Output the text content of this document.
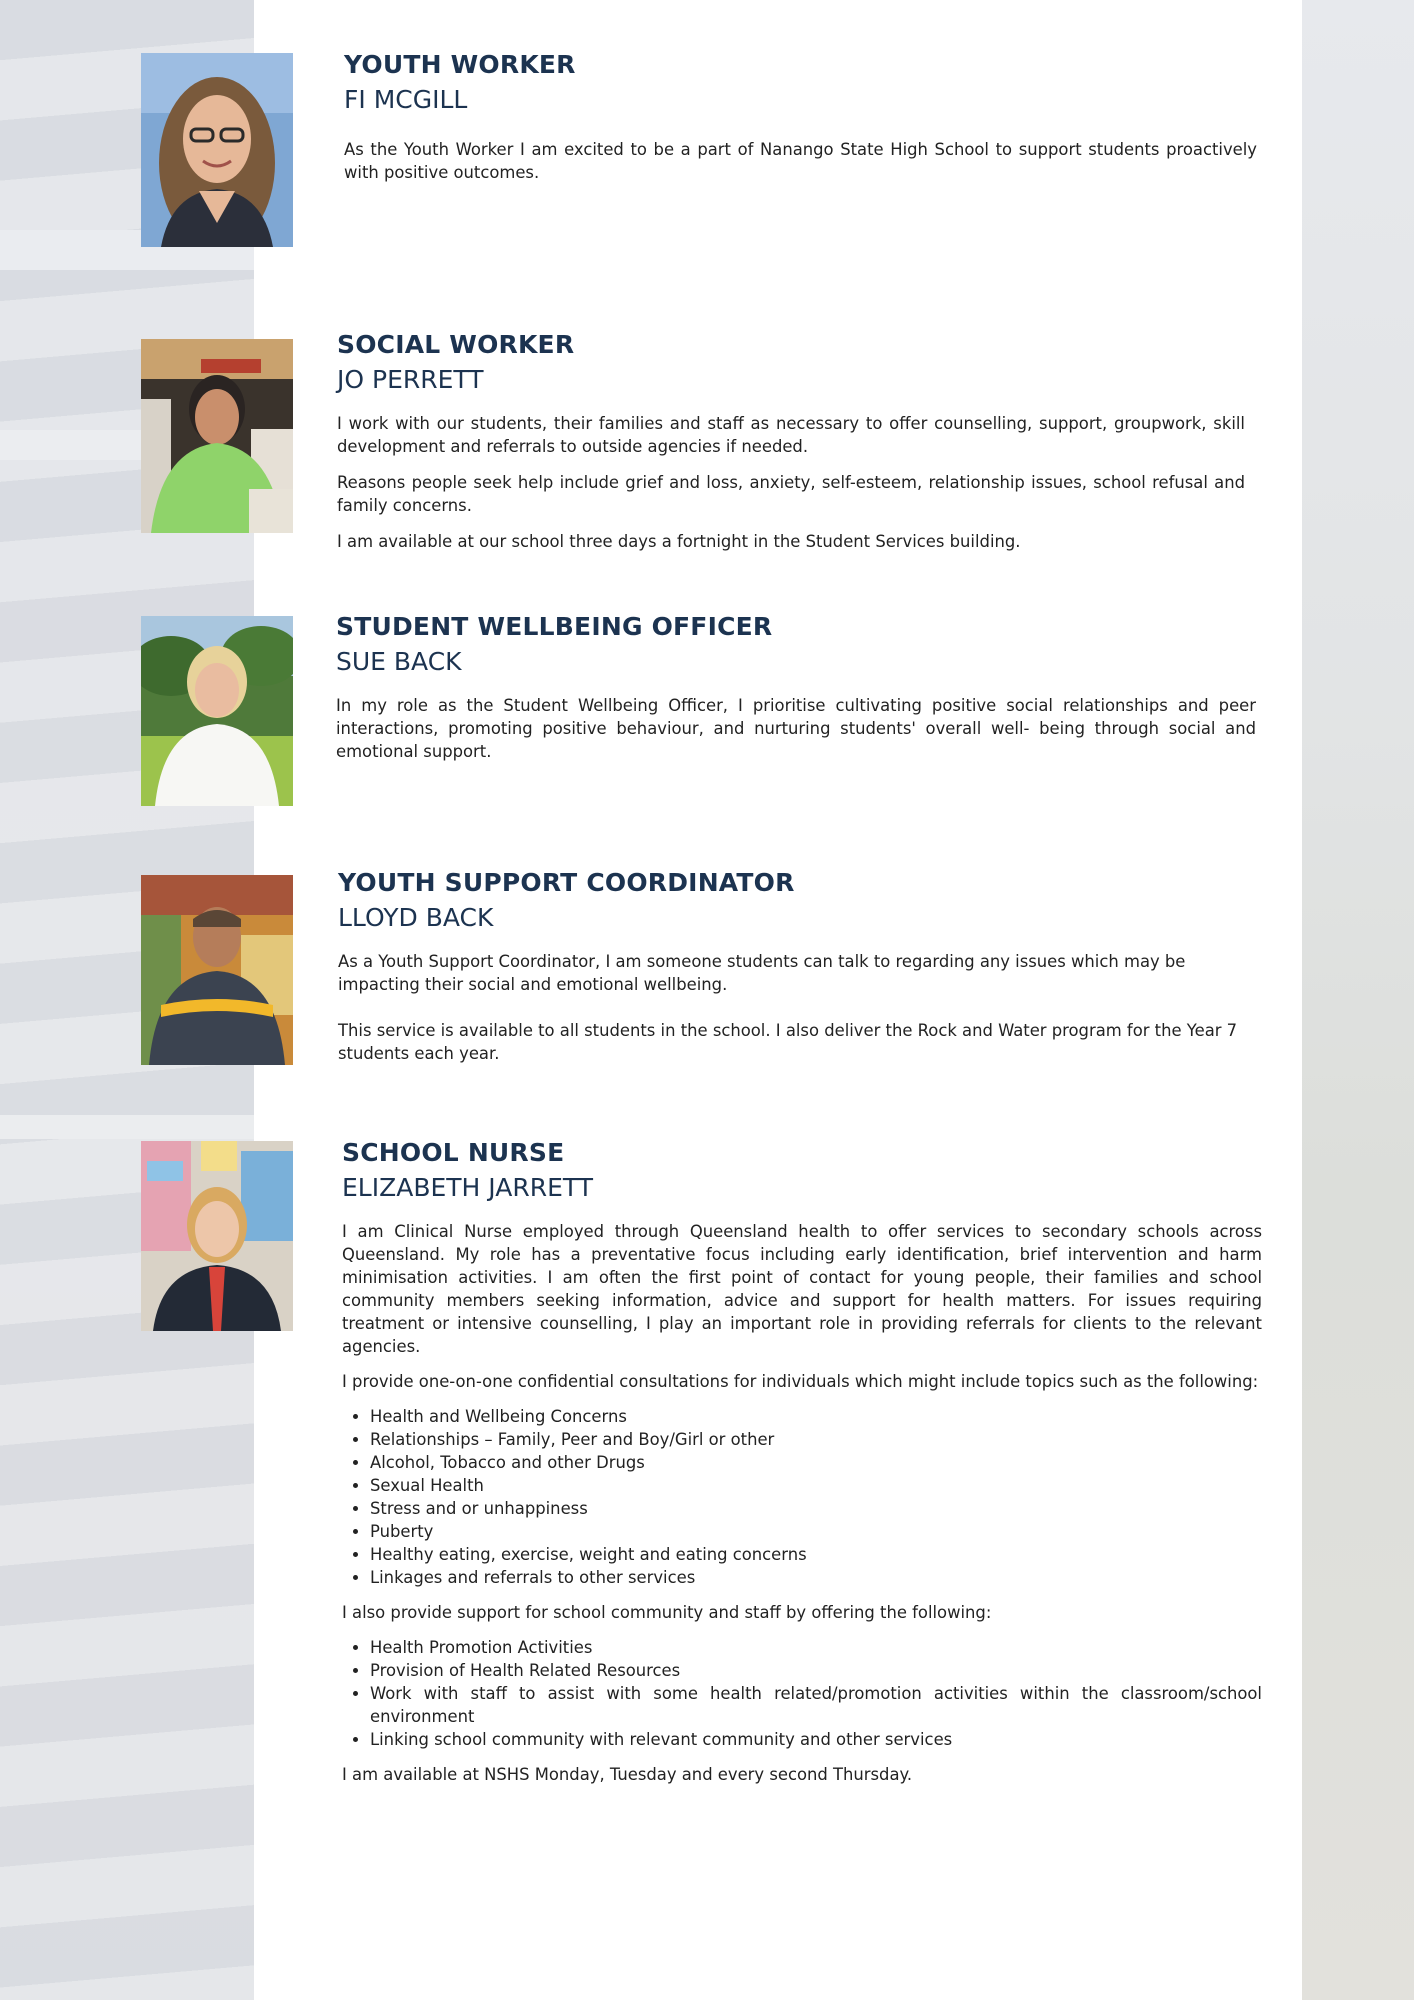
YOUTH WORKER
FI MCGILL

As the Youth Worker I am excited to be a part of Nanango State High School to support students proactively with positive outcomes.

SOCIAL WORKER
JO PERRETT

I work with our students, their families and staff as necessary to offer counselling, support, groupwork, skill development and referrals to outside agencies if needed.

Reasons people seek help include grief and loss, anxiety, self-esteem, relationship issues, school refusal and family concerns.

I am available at our school three days a fortnight in the Student Services building.

STUDENT WELLBEING OFFICER
SUE BACK

In my role as the Student Wellbeing Officer, I prioritise cultivating positive social relationships and peer interactions, promoting positive behaviour, and nurturing students' overall well- being through social and emotional support.

YOUTH SUPPORT COORDINATOR
LLOYD BACK

As a Youth Support Coordinator, I am someone students can talk to regarding any issues which may be impacting their social and emotional wellbeing.

This service is available to all students in the school. I also deliver the Rock and Water program for the Year 7 students each year.

SCHOOL NURSE
ELIZABETH JARRETT

I am Clinical Nurse employed through Queensland health to offer services to secondary schools across Queensland. My role has a preventative focus including early identification, brief intervention and harm minimisation activities. I am often the first point of contact for young people, their families and school community members seeking information, advice and support for health matters. For issues requiring treatment or intensive counselling, I play an important role in providing referrals for clients to the relevant agencies.

I provide one-on-one confidential consultations for individuals which might include topics such as the following:

• Health and Wellbeing Concerns
• Relationships – Family, Peer and Boy/Girl or other
• Alcohol, Tobacco and other Drugs
• Sexual Health
• Stress and or unhappiness
• Puberty
• Healthy eating, exercise, weight and eating concerns
• Linkages and referrals to other services

I also provide support for school community and staff by offering the following:

• Health Promotion Activities
• Provision of Health Related Resources
• Work with staff to assist with some health related/promotion activities within the classroom/school environment
• Linking school community with relevant community and other services

I am available at NSHS Monday, Tuesday and every second Thursday.
